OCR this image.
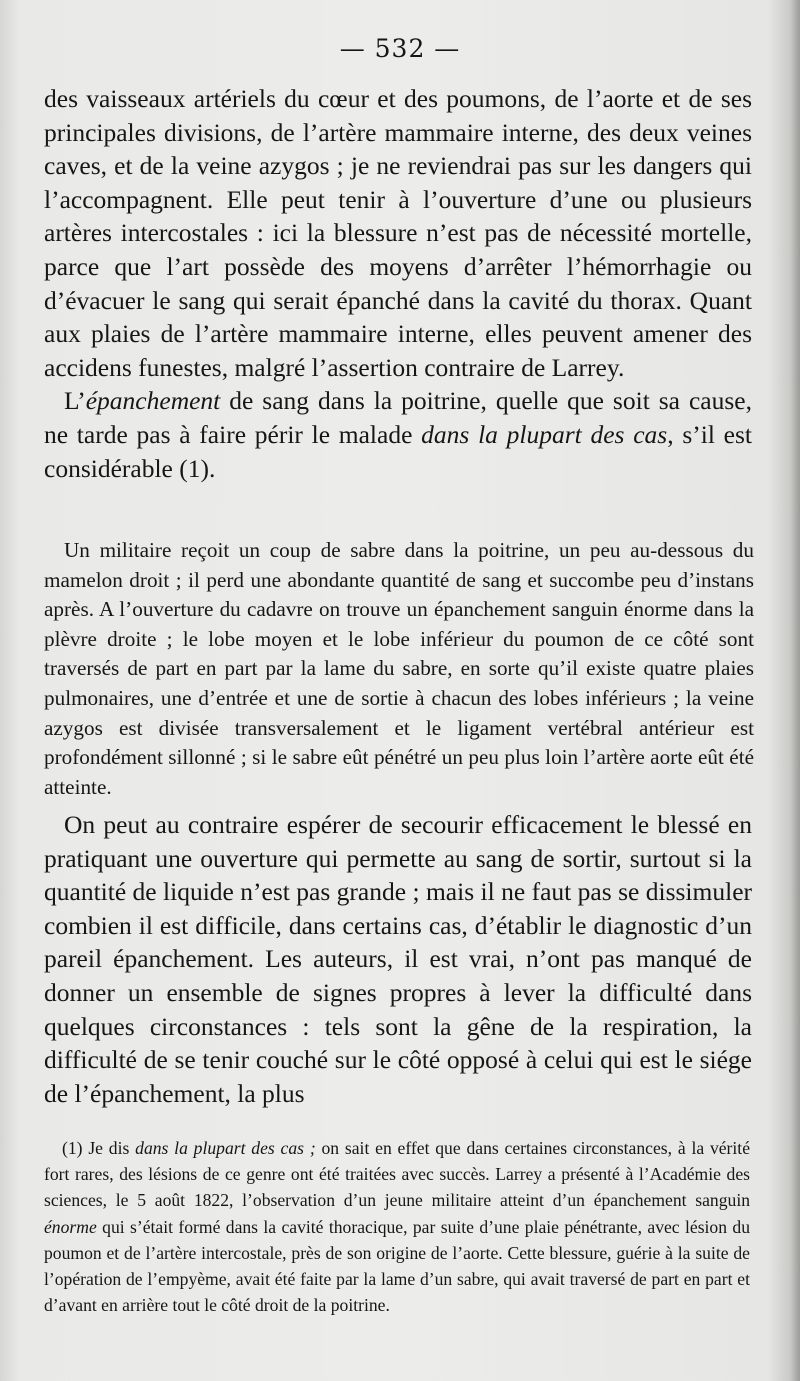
— 532 —

des vaisseaux artériels du cœur et des poumons, de l’aorte et de ses principales divisions, de l’artère mammaire interne, des deux veines caves, et de la veine azygos ; je ne reviendrai pas sur les dangers qui l’accompagnent. Elle peut tenir à l’ouverture d’une ou plusieurs artères intercostales : ici la blessure n’est pas de nécessité mortelle, parce que l’art possède des moyens d’arrêter l’hémorrhagie ou d’évacuer le sang qui serait épanché dans la cavité du thorax. Quant aux plaies de l’artère mammaire interne, elles peuvent amener des accidens funestes, malgré l’assertion contraire de Larrey.

L’épanchement de sang dans la poitrine, quelle que soit sa cause, ne tarde pas à faire périr le malade dans la plupart des cas, s’il est considérable (1).

Un militaire reçoit un coup de sabre dans la poitrine, un peu au-dessous du mamelon droit ; il perd une abondante quantité de sang et succombe peu d’instans après. A l’ouverture du cadavre on trouve un épanchement sanguin énorme dans la plèvre droite ; le lobe moyen et le lobe inférieur du poumon de ce côté sont traversés de part en part par la lame du sabre, en sorte qu’il existe quatre plaies pulmonaires, une d’entrée et une de sortie à chacun des lobes inférieurs ; la veine azygos est divisée transversalement et le ligament vertébral antérieur est profondément sillonné ; si le sabre eût pénétré un peu plus loin l’artère aorte eût été atteinte.

On peut au contraire espérer de secourir efficacement le blessé en pratiquant une ouverture qui permette au sang de sortir, surtout si la quantité de liquide n’est pas grande ; mais il ne faut pas se dissimuler combien il est difficile, dans certains cas, d’établir le diagnostic d’un pareil épanchement. Les auteurs, il est vrai, n’ont pas manqué de donner un ensemble de signes propres à lever la difficulté dans quelques circonstances : tels sont la gêne de la respiration, la difficulté de se tenir couché sur le côté opposé à celui qui est le siége de l’épanchement, la plus

(1) Je dis dans la plupart des cas ; on sait en effet que dans certaines circonstances, à la vérité fort rares, des lésions de ce genre ont été traitées avec succès. Larrey a présenté à l’Académie des sciences, le 5 août 1822, l’observation d’un jeune militaire atteint d’un épanchement sanguin énorme qui s’était formé dans la cavité thoracique, par suite d’une plaie pénétrante, avec lésion du poumon et de l’artère intercostale, près de son origine de l’aorte. Cette blessure, guérie à la suite de l’opération de l’empyème, avait été faite par la lame d’un sabre, qui avait traversé de part en part et d’avant en arrière tout le côté droit de la poitrine.
